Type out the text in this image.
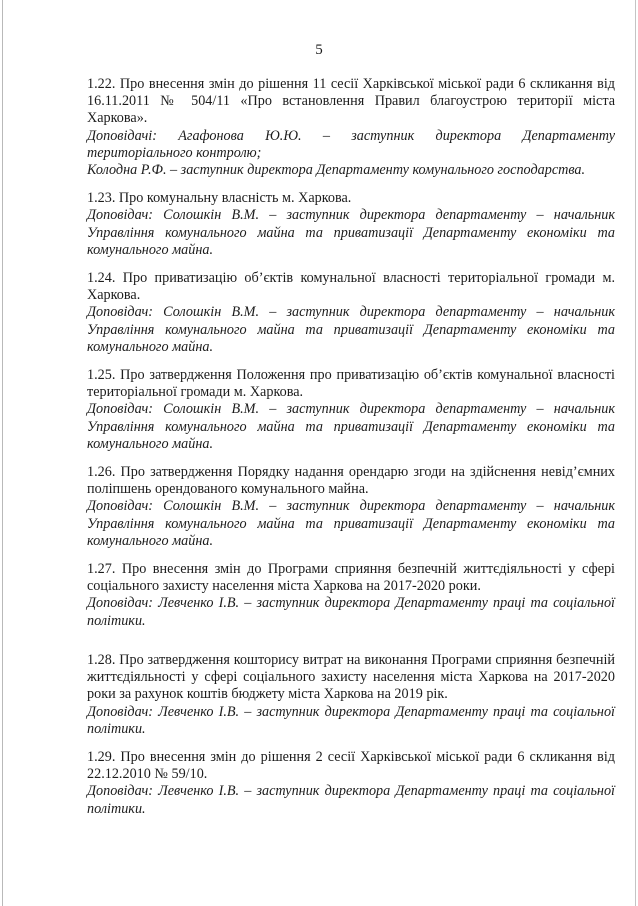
5

1.22. Про внесення змін до рішення 11 сесії Харківської міської ради 6 скликання від 16.11.2011 № 504/11 «Про встановлення Правил благоустрою території міста Харкова».

Доповідачі: Агафонова Ю.Ю. – заступник директора Департаменту територіального контролю;

Колодна Р.Ф. – заступник директора Департаменту комунального господарства.

1.23. Про комунальну власність м. Харкова.

Доповідач: Солошкін В.М. – заступник директора департаменту – начальник Управління комунального майна та приватизації Департаменту економіки та комунального майна.

1.24. Про приватизацію об’єктів комунальної власності територіальної громади м. Харкова.

Доповідач: Солошкін В.М. – заступник директора департаменту – начальник Управління комунального майна та приватизації Департаменту економіки та комунального майна.

1.25. Про затвердження Положення про приватизацію об’єктів комунальної власності територіальної громади м. Харкова.

Доповідач: Солошкін В.М. – заступник директора департаменту – начальник Управління комунального майна та приватизації Департаменту економіки та комунального майна.

1.26. Про затвердження Порядку надання орендарю згоди на здійснення невід’ємних поліпшень орендованого комунального майна.

Доповідач: Солошкін В.М. – заступник директора департаменту – начальник Управління комунального майна та приватизації Департаменту економіки та комунального майна.

1.27. Про внесення змін до Програми сприяння безпечній життєдіяльності у сфері соціального захисту населення міста Харкова на 2017-2020 роки.

Доповідач: Левченко І.В. – заступник директора Департаменту праці та соціальної політики.

1.28. Про затвердження кошторису витрат на виконання Програми сприяння безпечній життєдіяльності у сфері соціального захисту населення міста Харкова на 2017-2020 роки за рахунок коштів бюджету міста Харкова на 2019 рік.

Доповідач: Левченко І.В. – заступник директора Департаменту праці та соціальної політики.

1.29. Про внесення змін до рішення 2 сесії Харківської міської ради 6 скликання від 22.12.2010 № 59/10.

Доповідач: Левченко І.В. – заступник директора Департаменту праці та соціальної політики.
